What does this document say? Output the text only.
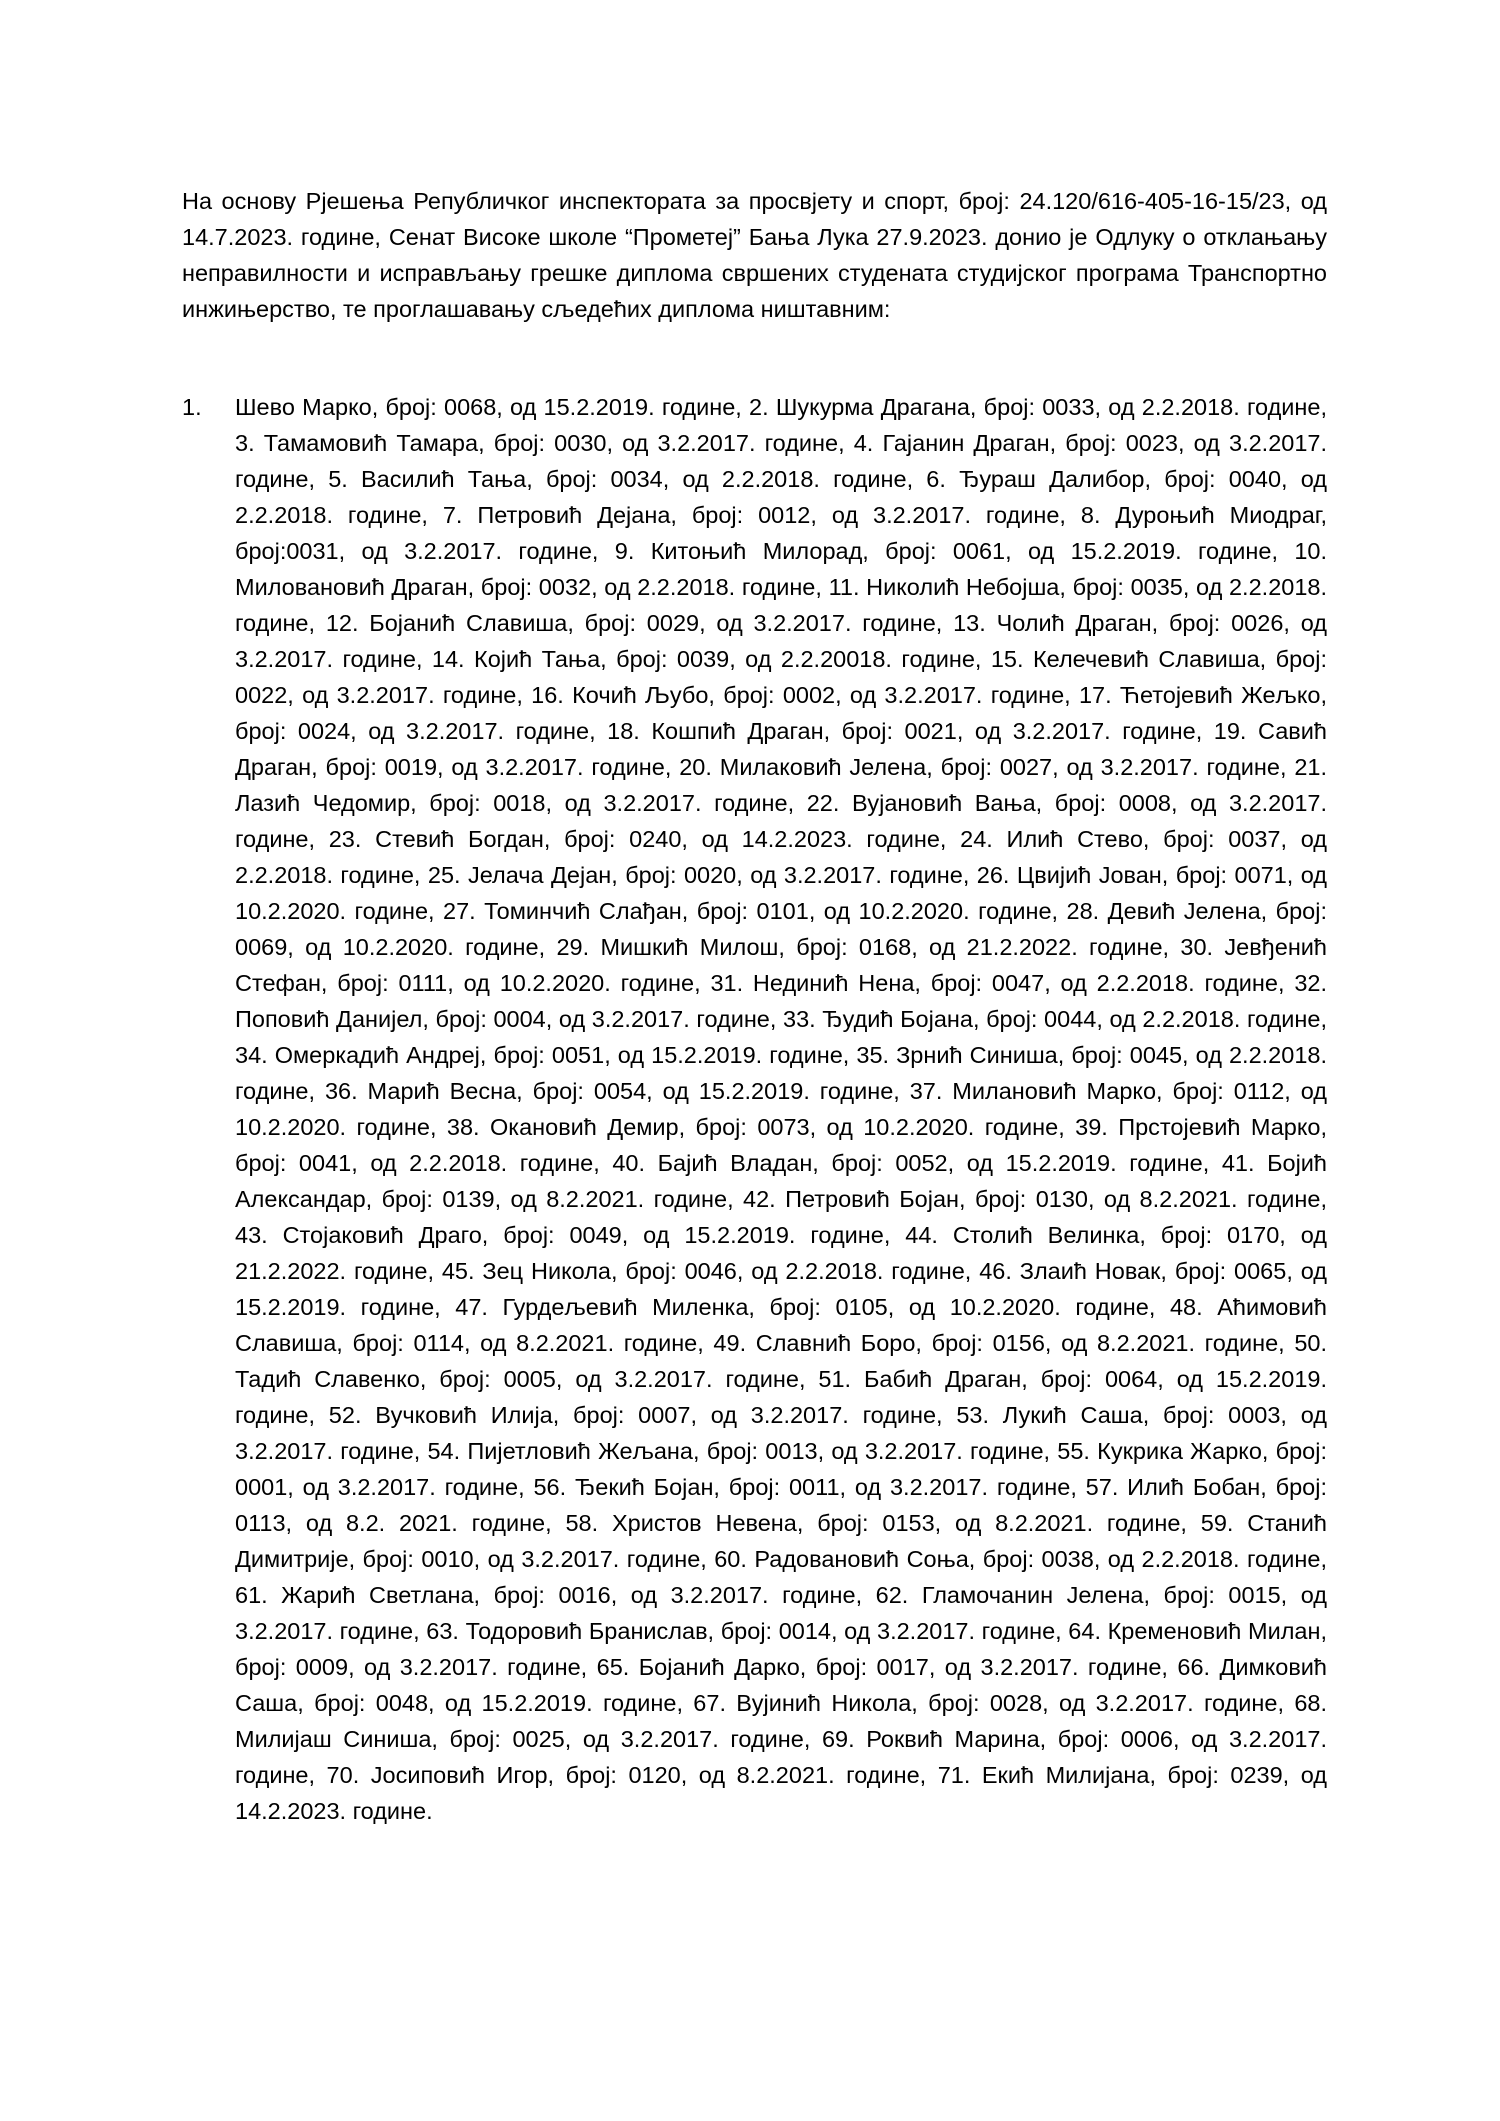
На основу Рјешења Републичког инспектората за просвјету и спорт, број: 24.120/616-405-16-15/23, од 14.7.2023. године, Сенат Високе школе “Прометеј” Бања Лука 27.9.2023. донио је Одлуку о отклањању неправилности и исправљању грешке диплома свршених студената студијског програма Транспортно инжињерство, те проглашавању сљедећих диплома ништавним:

1. Шево Марко, број: 0068, од 15.2.2019. године, 2. Шукурма Драгана, број: 0033, од 2.2.2018. године, 3. Тамамовић Тамара, број: 0030, од 3.2.2017. године, 4. Гајанин Драган, број: 0023, од 3.2.2017. године, 5. Василић Тања, број: 0034, од 2.2.2018. године, 6. Ђураш Далибор, број: 0040, од 2.2.2018. године, 7. Петровић Дејана, број: 0012, од 3.2.2017. године, 8. Дуроњић Миодраг, број:0031, од 3.2.2017. године, 9. Китоњић Милорад, број: 0061, од 15.2.2019. године, 10. Миловановић Драган, број: 0032, од 2.2.2018. године, 11. Николић Небојша, број: 0035, од 2.2.2018. године, 12. Бојанић Славиша, број: 0029, од 3.2.2017. године, 13. Чолић Драган, број: 0026, од 3.2.2017. године, 14. Којић Тања, број: 0039, од 2.2.20018. године, 15. Келечевић Славиша, број: 0022, од 3.2.2017. године, 16. Кочић Љубо, број: 0002, од 3.2.2017. године, 17. Ћетојевић Жељко, број: 0024, од 3.2.2017. године, 18. Кошпић Драган, број: 0021, од 3.2.2017. године, 19. Савић Драган, број: 0019, од 3.2.2017. године, 20. Милаковић Јелена, број: 0027, од 3.2.2017. године, 21. Лазић Чедомир, број: 0018, од 3.2.2017. године, 22. Вујановић Вања, број: 0008, од 3.2.2017. године, 23. Стевић Богдан, број: 0240, од 14.2.2023. године, 24. Илић Стево, број: 0037, од 2.2.2018. године, 25. Јелача Дејан, број: 0020, од 3.2.2017. године, 26. Цвијић Јован, број: 0071, од 10.2.2020. године, 27. Томинчић Слађан, број: 0101, од 10.2.2020. године, 28. Девић Јелена, број: 0069, од 10.2.2020. године, 29. Мишкић Милош, број: 0168, од 21.2.2022. године, 30. Јевђенић Стефан, број: 0111, од 10.2.2020. године, 31. Нединић Нена, број: 0047, од 2.2.2018. године, 32. Поповић Данијел, број: 0004, од 3.2.2017. године, 33. Ђудић Бојана, број: 0044, од 2.2.2018. године, 34. Омеркадић Андреј, број: 0051, од 15.2.2019. године, 35. Зрнић Синиша, број: 0045, од 2.2.2018. године, 36. Марић Весна, број: 0054, од 15.2.2019. године, 37. Милановић Марко, број: 0112, од 10.2.2020. године, 38. Окановић Демир, број: 0073, од 10.2.2020. године, 39. Прстојевић Марко, број: 0041, од 2.2.2018. године, 40. Бајић Владан, број: 0052, од 15.2.2019. године, 41. Бојић Александар, број: 0139, од 8.2.2021. године, 42. Петровић Бојан, број: 0130, од 8.2.2021. године, 43. Стојаковић Драго, број: 0049, од 15.2.2019. године, 44. Столић Велинка, број: 0170, од 21.2.2022. године, 45. Зец Никола, број: 0046, од 2.2.2018. године, 46. Злаић Новак, број: 0065, од 15.2.2019. године, 47. Гурдељевић Миленка, број: 0105, од 10.2.2020. године, 48. Аћимовић Славиша, број: 0114, од 8.2.2021. године, 49. Славнић Боро, број: 0156, од 8.2.2021. године, 50. Тадић Славенко, број: 0005, од 3.2.2017. године, 51. Бабић Драган, број: 0064, од 15.2.2019. године, 52. Вучковић Илија, број: 0007, од 3.2.2017. године, 53. Лукић Саша, број: 0003, од 3.2.2017. године, 54. Пијетловић Жељана, број: 0013, од 3.2.2017. године, 55. Кукрика Жарко, број: 0001, од 3.2.2017. године, 56. Ђекић Бојан, број: 0011, од 3.2.2017. године, 57. Илић Бобан, број: 0113, од 8.2. 2021. године, 58. Христов Невена, број: 0153, од 8.2.2021. године, 59. Станић Димитрије, број: 0010, од 3.2.2017. године, 60. Радовановић Соња, број: 0038, од 2.2.2018. године, 61. Жарић Светлана, број: 0016, од 3.2.2017. године, 62. Гламочанин Јелена, број: 0015, од 3.2.2017. године, 63. Тодоровић Бранислав, број: 0014, од 3.2.2017. године, 64. Кременовић Милан, број: 0009, од 3.2.2017. године, 65. Бојанић Дарко, број: 0017, од 3.2.2017. године, 66. Димковић Саша, број: 0048, од 15.2.2019. године, 67. Вујинић Никола, број: 0028, од 3.2.2017. године, 68. Милијаш Синиша, број: 0025, од 3.2.2017. године, 69. Роквић Марина, број: 0006, од 3.2.2017. године, 70. Јосиповић Игор, број: 0120, од 8.2.2021. године, 71. Екић Милијана, број: 0239, од 14.2.2023. године.
